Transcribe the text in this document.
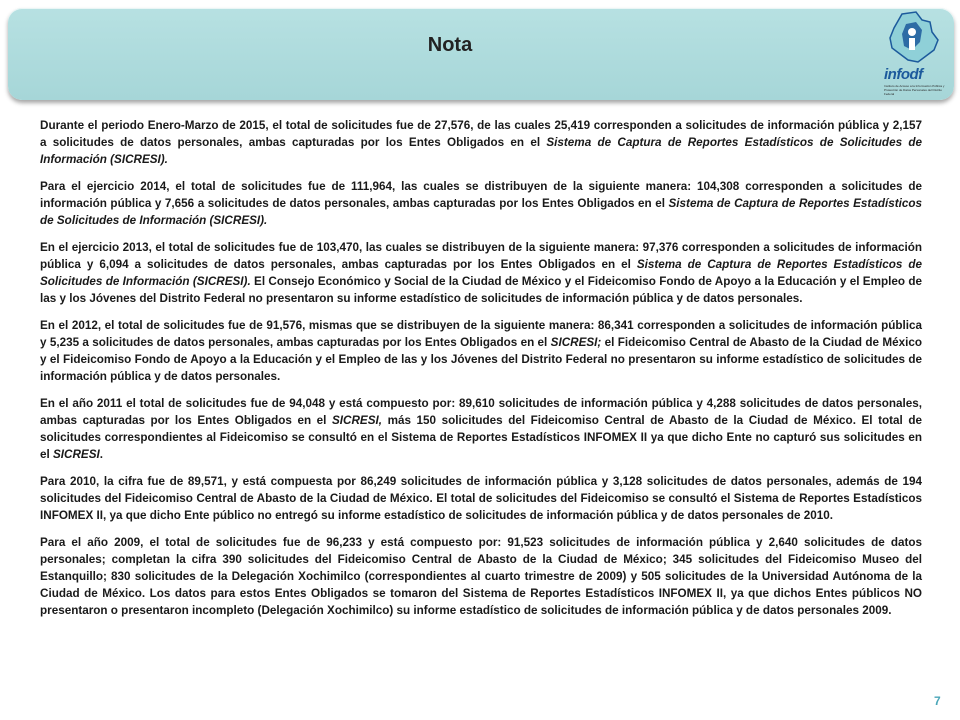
Nota
infodf
Instituto de Acceso a la Información Pública y Protección de Datos Personales del Distrito Federal

Durante el periodo Enero-Marzo de 2015, el total de solicitudes fue de 27,576, de las cuales 25,419 corresponden a solicitudes de información pública y 2,157 a solicitudes de datos personales, ambas capturadas por los Entes Obligados en el Sistema de Captura de Reportes Estadísticos de Solicitudes de Información (SICRESI).

Para el ejercicio 2014, el total de solicitudes fue de 111,964, las cuales se distribuyen de la siguiente manera: 104,308 corresponden a solicitudes de información pública y 7,656 a solicitudes de datos personales, ambas capturadas por los Entes Obligados en el Sistema de Captura de Reportes Estadísticos de Solicitudes de Información (SICRESI).

En el ejercicio 2013, el total de solicitudes fue de 103,470, las cuales se distribuyen de la siguiente manera: 97,376 corresponden a solicitudes de información pública y 6,094 a solicitudes de datos personales, ambas capturadas por los Entes Obligados en el Sistema de Captura de Reportes Estadísticos de Solicitudes de Información (SICRESI). El Consejo Económico y Social de la Ciudad de México y el Fideicomiso Fondo de Apoyo a la Educación y el Empleo de las y los Jóvenes del Distrito Federal no presentaron su informe estadístico de solicitudes de información pública y de datos personales.

En el 2012, el total de solicitudes fue de 91,576, mismas que se distribuyen de la siguiente manera: 86,341 corresponden a solicitudes de información pública y 5,235 a solicitudes de datos personales, ambas capturadas por los Entes Obligados en el SICRESI; el Fideicomiso Central de Abasto de la Ciudad de México y el Fideicomiso Fondo de Apoyo a la Educación y el Empleo de las y los Jóvenes del Distrito Federal no presentaron su informe estadístico de solicitudes de información pública y de datos personales.

En el año 2011 el total de solicitudes fue de 94,048 y está compuesto por: 89,610 solicitudes de información pública y 4,288 solicitudes de datos personales, ambas capturadas por los Entes Obligados en el SICRESI, más 150 solicitudes del Fideicomiso Central de Abasto de la Ciudad de México. El total de solicitudes correspondientes al Fideicomiso se consultó en el Sistema de Reportes Estadísticos INFOMEX II ya que dicho Ente no capturó sus solicitudes en el SICRESI.

Para 2010, la cifra fue de 89,571, y está compuesta por 86,249 solicitudes de información pública y 3,128 solicitudes de datos personales, además de 194 solicitudes del Fideicomiso Central de Abasto de la Ciudad de México. El total de solicitudes del Fideicomiso se consultó el Sistema de Reportes Estadísticos INFOMEX II, ya que dicho Ente público no entregó su informe estadístico de solicitudes de información pública y de datos personales de 2010.

Para el año 2009, el total de solicitudes fue de 96,233 y está compuesto por: 91,523 solicitudes de información pública y 2,640 solicitudes de datos personales; completan la cifra 390 solicitudes del Fideicomiso Central de Abasto de la Ciudad de México; 345 solicitudes del Fideicomiso Museo del Estanquillo; 830 solicitudes de la Delegación Xochimilco (correspondientes al cuarto trimestre de 2009) y 505 solicitudes de la Universidad Autónoma de la Ciudad de México. Los datos para estos Entes Obligados se tomaron del Sistema de Reportes Estadísticos INFOMEX II, ya que dichos Entes públicos NO presentaron o presentaron incompleto (Delegación Xochimilco) su informe estadístico de solicitudes de información pública y de datos personales 2009.

7
